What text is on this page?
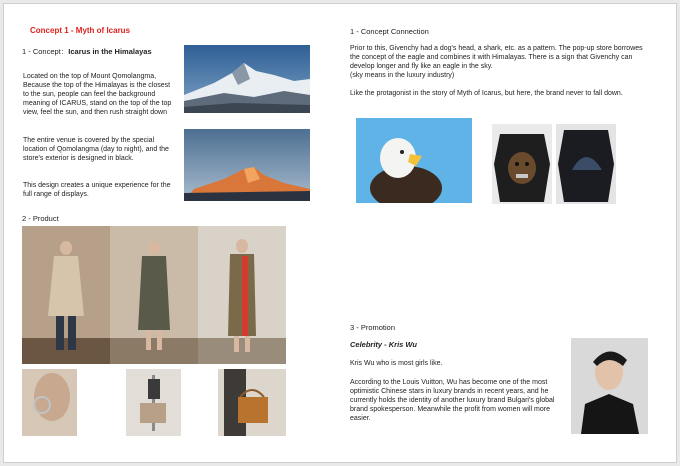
Concept 1 - Myth of Icarus
1 - Concept：Icarus in the Himalayas
Located on the top of Mount Qomolangma, Because the top of the Himalayas is the closest to the sun, people can feel the background meaning of ICARUS, stand on the top of the top view, feel the sun, and then rush straight down
The entire venue is covered by the special location of Qomolangma (day to night), and the store's exterior is designed in black.
This design creates a unique experience for the full range of displays.
2 - Product
1 - Concept Connection
Prior to this, Givenchy had a dog's head, a shark, etc. as a pattern. The pop-up store borrowes the concept of the eagle and combines it with Himalayas. There is a sign that Givenchy can develop longer and fly like an eagle in the sky.
(sky means in the luxury industry)
Like the protagonist in the story of Myth of Icarus, but here, the brand never to fall down.
3 - Promotion
Celebrity - Kris Wu
Kris Wu who is most girls like.
According to the Louis Vuitton, Wu has become one of the most optimistic Chinese stars in luxury brands in recent years, and he currently holds the identity of another luxury brand Bulgari's global brand spokesperson. Meanwhile the profit from women will more easier.
